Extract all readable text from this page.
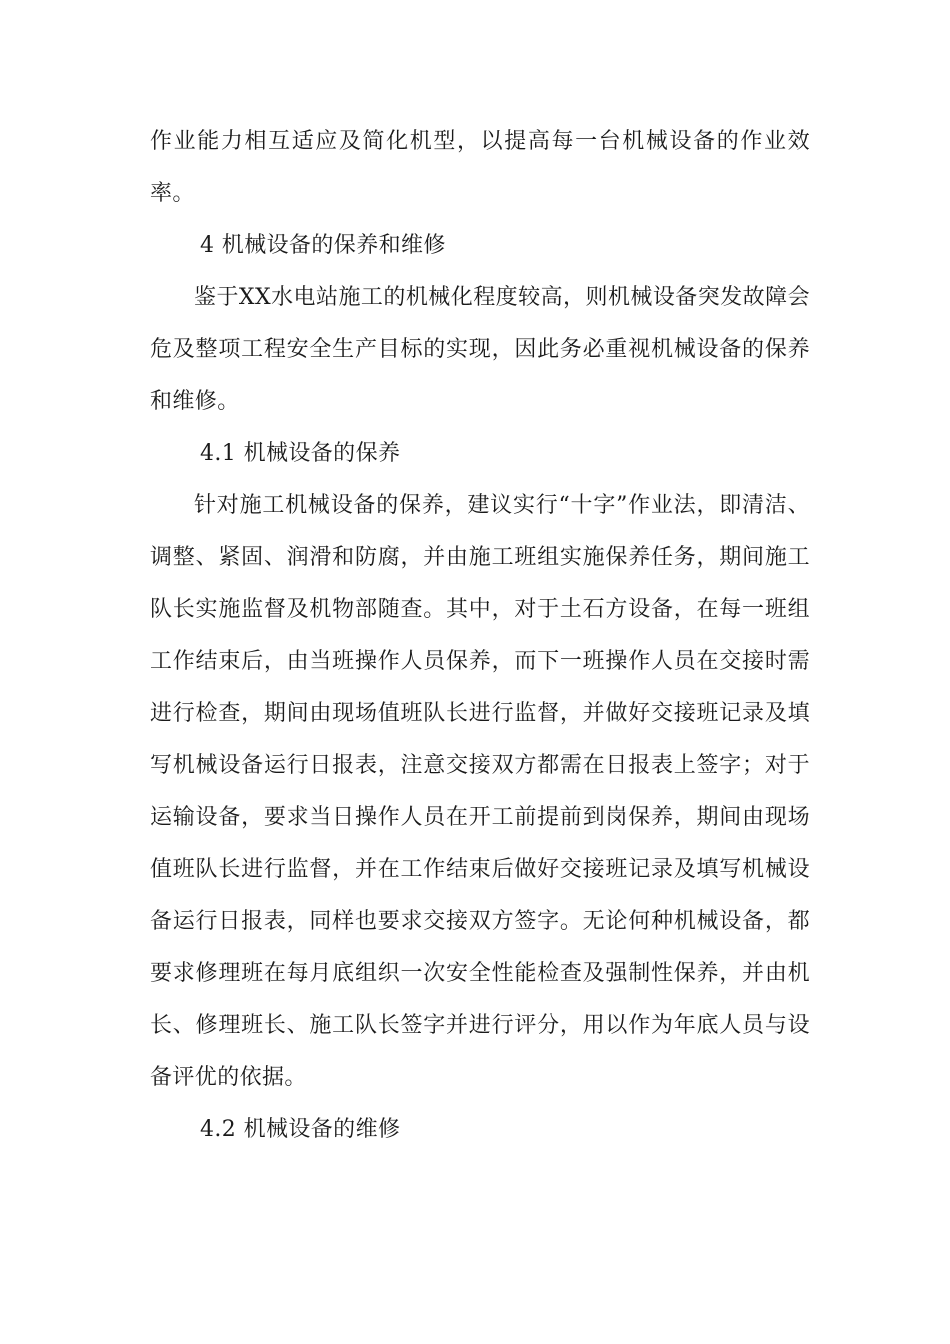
作业能力相互适应及简化机型，以提高每一台机械设备的作业效率。

4 机械设备的保养和维修

鉴于XX水电站施工的机械化程度较高，则机械设备突发故障会危及整项工程安全生产目标的实现，因此务必重视机械设备的保养和维修。

4.1 机械设备的保养

针对施工机械设备的保养，建议实行“十字”作业法，即清洁、调整、紧固、润滑和防腐，并由施工班组实施保养任务，期间施工队长实施监督及机物部随查。其中，对于土石方设备，在每一班组工作结束后，由当班操作人员保养，而下一班操作人员在交接时需进行检查，期间由现场值班队长进行监督，并做好交接班记录及填写机械设备运行日报表，注意交接双方都需在日报表上签字；对于运输设备，要求当日操作人员在开工前提前到岗保养，期间由现场值班队长进行监督，并在工作结束后做好交接班记录及填写机械设备运行日报表，同样也要求交接双方签字。无论何种机械设备，都要求修理班在每月底组织一次安全性能检查及强制性保养，并由机长、修理班长、施工队长签字并进行评分，用以作为年底人员与设备评优的依据。

4.2 机械设备的维修
